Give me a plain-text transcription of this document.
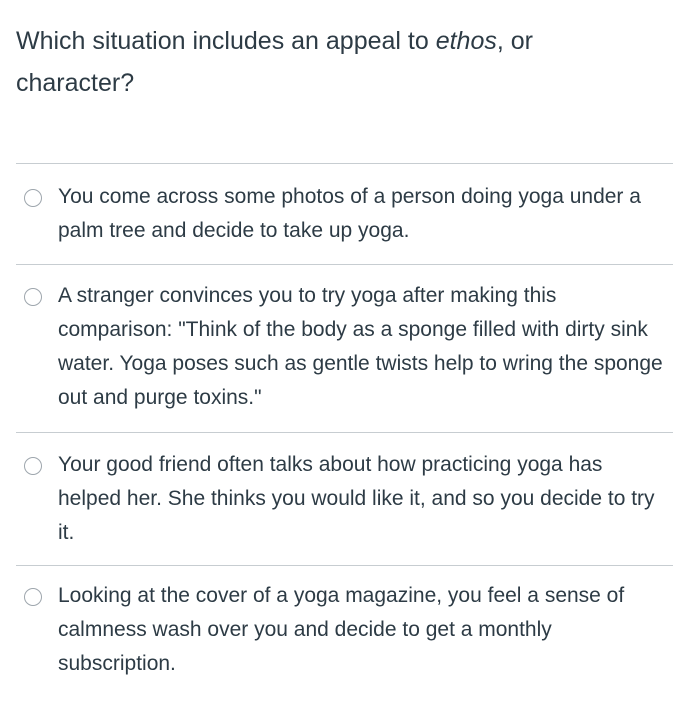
Which situation includes an appeal to ethos, or character?
You come across some photos of a person doing yoga under a palm tree and decide to take up yoga.
A stranger convinces you to try yoga after making this comparison: "Think of the body as a sponge filled with dirty sink water. Yoga poses such as gentle twists help to wring the sponge out and purge toxins."
Your good friend often talks about how practicing yoga has helped her. She thinks you would like it, and so you decide to try it.
Looking at the cover of a yoga magazine, you feel a sense of calmness wash over you and decide to get a monthly subscription.
